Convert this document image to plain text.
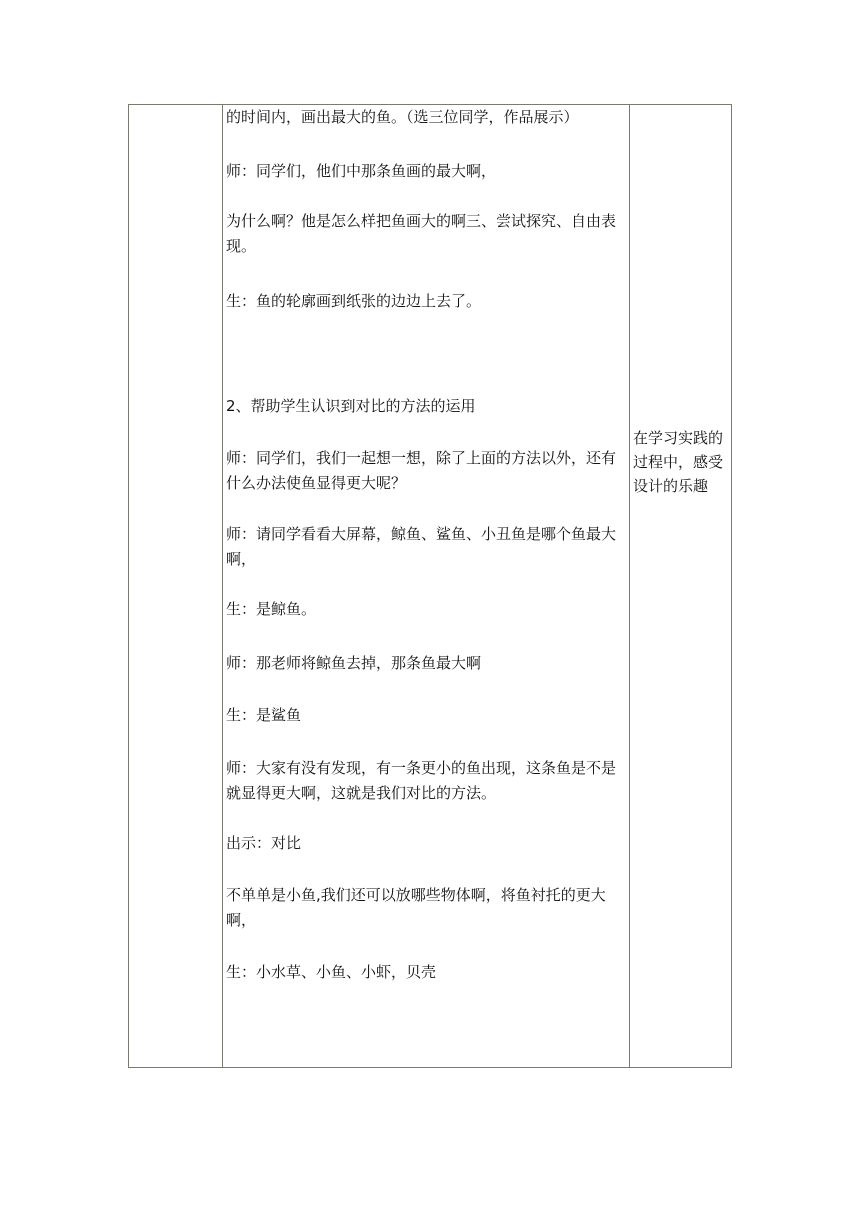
的时间内，画出最大的鱼。（选三位同学，作品展示）

师：同学们，他们中那条鱼画的最大啊，

为什么啊？他是怎么样把鱼画大的啊三、尝试探究、自由表现。

生：鱼的轮廓画到纸张的边边上去了。

2、帮助学生认识到对比的方法的运用

师：同学们，我们一起想一想，除了上面的方法以外，还有什么办法使鱼显得更大呢？

师：请同学看看大屏幕，鲸鱼、鲨鱼、小丑鱼是哪个鱼最大啊，

生：是鲸鱼。

师：那老师将鲸鱼去掉，那条鱼最大啊

生：是鲨鱼

师：大家有没有发现，有一条更小的鱼出现，这条鱼是不是就显得更大啊，这就是我们对比的方法。

出示：对比

不单单是小鱼,我们还可以放哪些物体啊，将鱼衬托的更大啊，

生：小水草、小鱼、小虾，贝壳

在学习实践的过程中，感受设计的乐趣
